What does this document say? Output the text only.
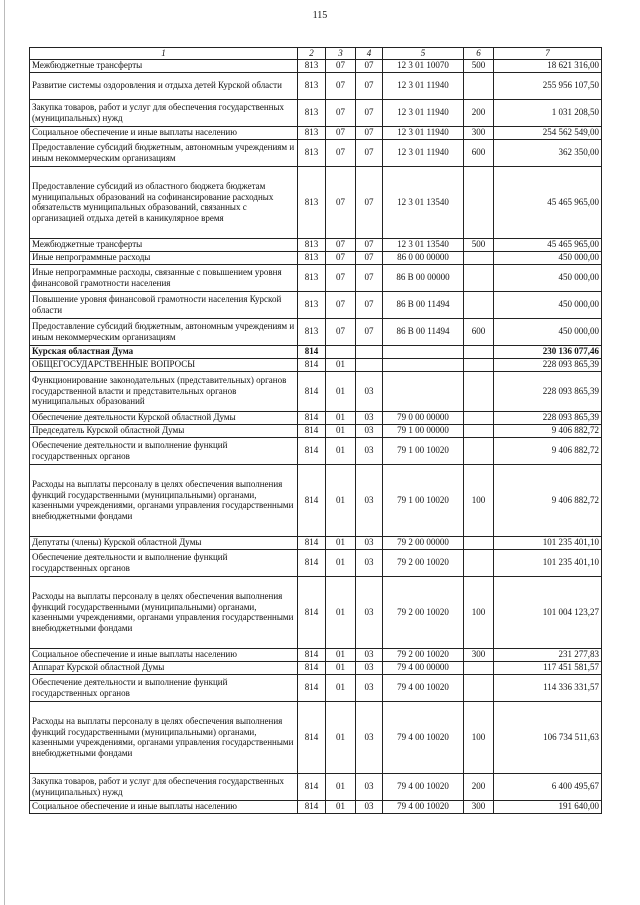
115
1	2	3	4	5	6	7
Межбюджетные трансферты	813	07	07	12 3 01 10070	500	18 621 316,00
Развитие системы оздоровления и отдыха детей Курской области	813	07	07	12 3 01 11940		255 956 107,50
Закупка товаров, работ и услуг для обеспечения государственных (муниципальных) нужд	813	07	07	12 3 01 11940	200	1 031 208,50
Социальное обеспечение и иные выплаты населению	813	07	07	12 3 01 11940	300	254 562 549,00
Предоставление субсидий бюджетным, автономным учреждениям и иным некоммерческим организациям	813	07	07	12 3 01 11940	600	362 350,00
Предоставление субсидий из областного бюджета бюджетам муниципальных образований на софинансирование расходных обязательств муниципальных образований, связанных с организацией отдыха детей в каникулярное время	813	07	07	12 3 01 13540		45 465 965,00
Межбюджетные трансферты	813	07	07	12 3 01 13540	500	45 465 965,00
Иные непрограммные расходы	813	07	07	86 0 00 00000		450 000,00
Иные непрограммные расходы, связанные с повышением уровня финансовой грамотности населения	813	07	07	86 В 00 00000		450 000,00
Повышение уровня финансовой грамотности населения Курской области	813	07	07	86 В 00 11494		450 000,00
Предоставление субсидий бюджетным, автономным учреждениям и иным некоммерческим организациям	813	07	07	86 В 00 11494	600	450 000,00
Курская областная Дума	814					230 136 077,46
ОБЩЕГОСУДАРСТВЕННЫЕ ВОПРОСЫ	814	01				228 093 865,39
Функционирование законодательных (представительных) органов государственной власти и представительных органов муниципальных образований	814	01	03			228 093 865,39
Обеспечение деятельности Курской областной Думы	814	01	03	79 0 00 00000		228 093 865,39
Председатель Курской областной Думы	814	01	03	79 1 00 00000		9 406 882,72
Обеспечение деятельности и выполнение функций государственных органов	814	01	03	79 1 00 10020		9 406 882,72
Расходы на выплаты персоналу в целях обеспечения выполнения функций государственными (муниципальными) органами, казенными учреждениями, органами управления государственными внебюджетными фондами	814	01	03	79 1 00 10020	100	9 406 882,72
Депутаты (члены) Курской областной Думы	814	01	03	79 2 00 00000		101 235 401,10
Обеспечение деятельности и выполнение функций государственных органов	814	01	03	79 2 00 10020		101 235 401,10
Расходы на выплаты персоналу в целях обеспечения выполнения функций государственными (муниципальными) органами, казенными учреждениями, органами управления государственными внебюджетными фондами	814	01	03	79 2 00 10020	100	101 004 123,27
Социальное обеспечение и иные выплаты населению	814	01	03	79 2 00 10020	300	231 277,83
Аппарат Курской областной Думы	814	01	03	79 4 00 00000		117 451 581,57
Обеспечение деятельности и выполнение функций государственных органов	814	01	03	79 4 00 10020		114 336 331,57
Расходы на выплаты персоналу в целях обеспечения выполнения функций государственными (муниципальными) органами, казенными учреждениями, органами управления государственными внебюджетными фондами	814	01	03	79 4 00 10020	100	106 734 511,63
Закупка товаров, работ и услуг для обеспечения государственных (муниципальных) нужд	814	01	03	79 4 00 10020	200	6 400 495,67
Социальное обеспечение и иные выплаты населению	814	01	03	79 4 00 10020	300	191 640,00
